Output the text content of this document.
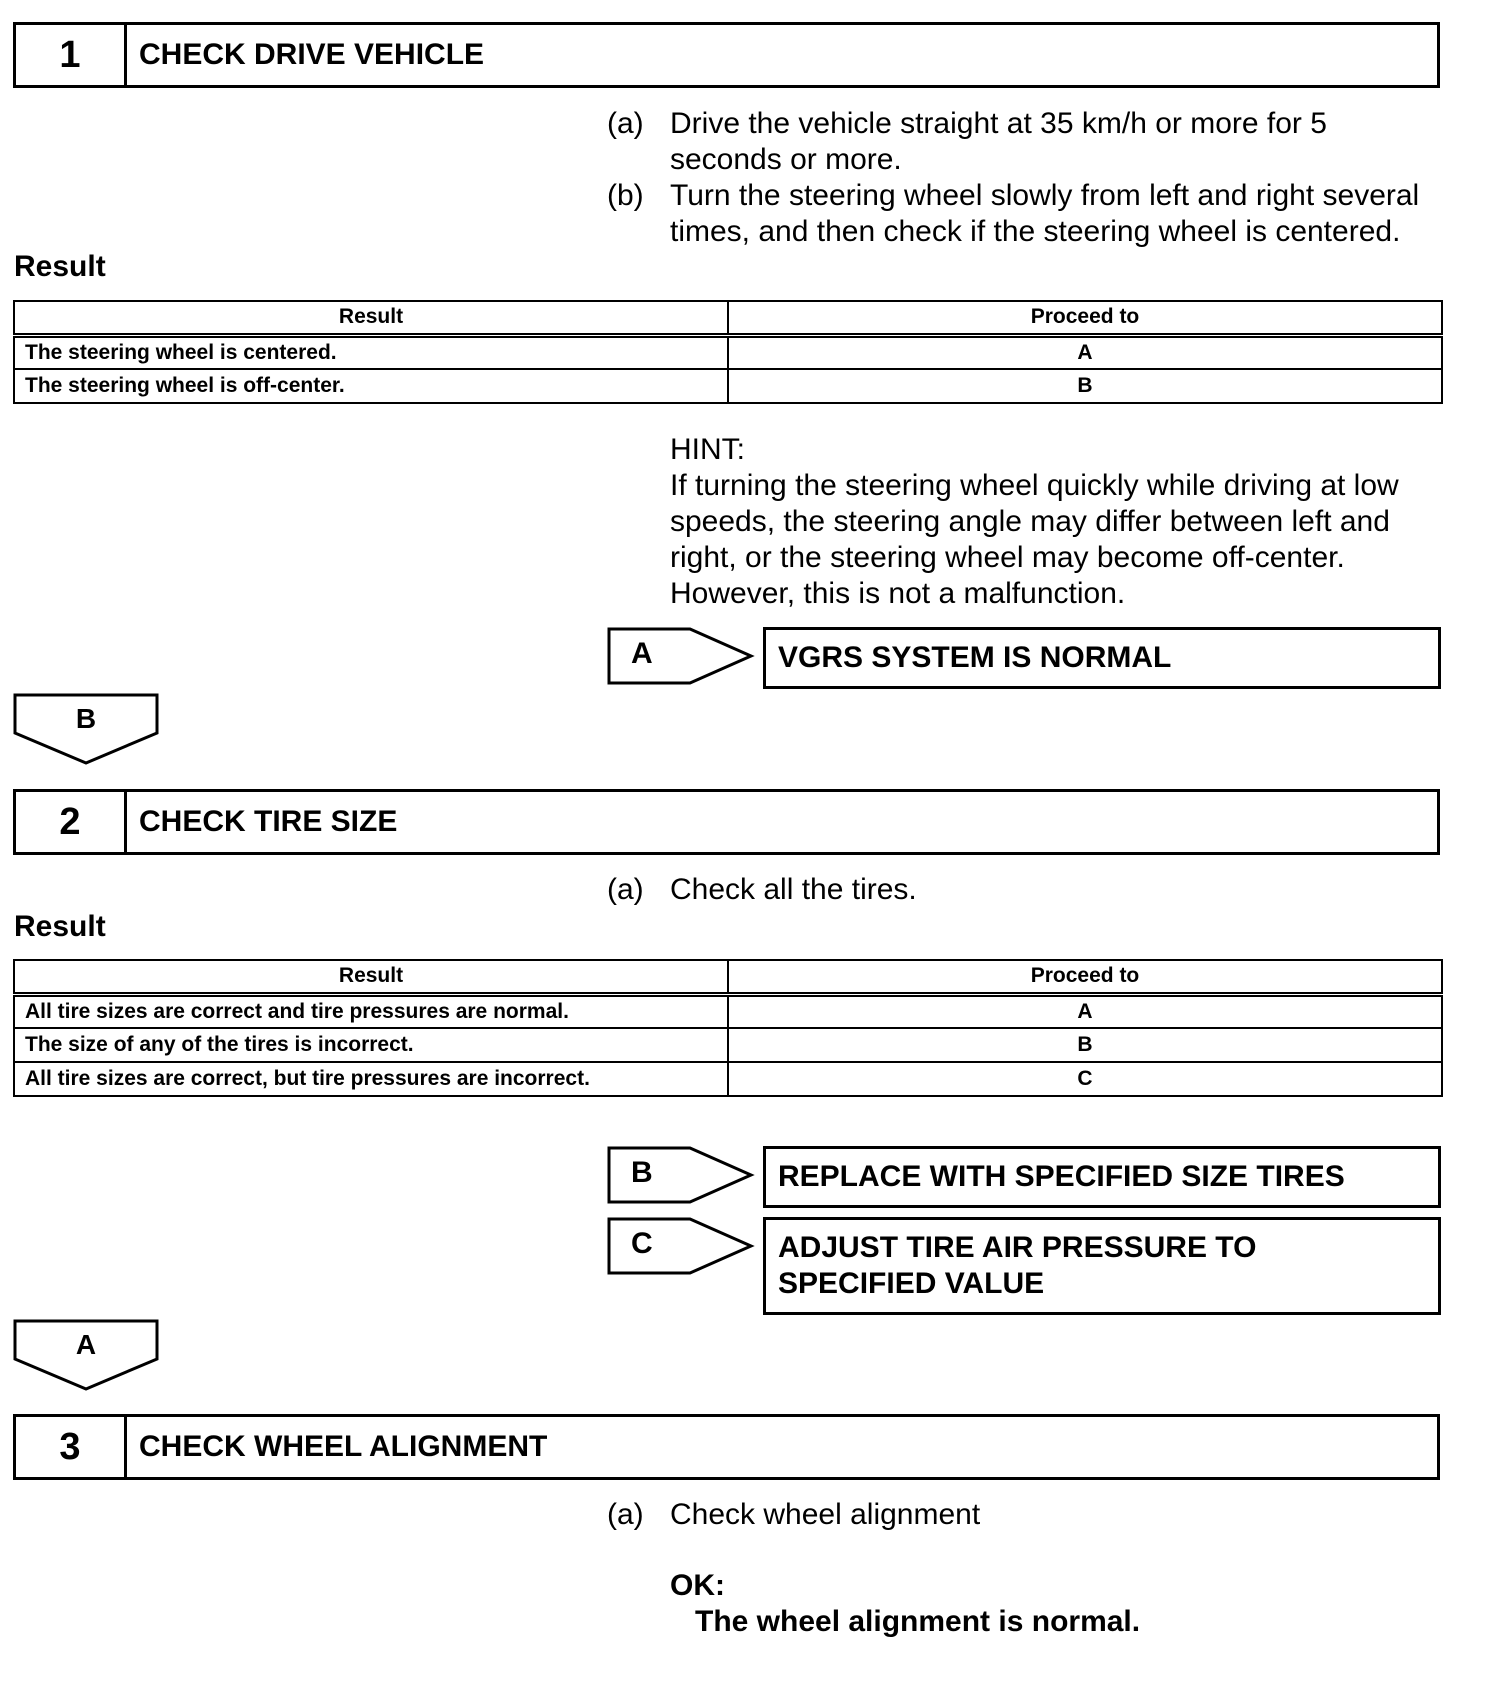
1	CHECK DRIVE VEHICLE
(a) Drive the vehicle straight at 35 km/h or more for 5
seconds or more.
(b) Turn the steering wheel slowly from left and right several
times, and then check if the steering wheel is centered.
Result
Result	Proceed to
The steering wheel is centered.	A
The steering wheel is off-center.	B
HINT:
If turning the steering wheel quickly while driving at low
speeds, the steering angle may differ between left and
right, or the steering wheel may become off-center.
However, this is not a malfunction.
A	VGRS SYSTEM IS NORMAL
B
2	CHECK TIRE SIZE
(a) Check all the tires.
Result
Result	Proceed to
All tire sizes are correct and tire pressures are normal.	A
The size of any of the tires is incorrect.	B
All tire sizes are correct, but tire pressures are incorrect.	C
B	REPLACE WITH SPECIFIED SIZE TIRES
C	ADJUST TIRE AIR PRESSURE TO
SPECIFIED VALUE
A
3	CHECK WHEEL ALIGNMENT
(a) Check wheel alignment
OK:
The wheel alignment is normal.
